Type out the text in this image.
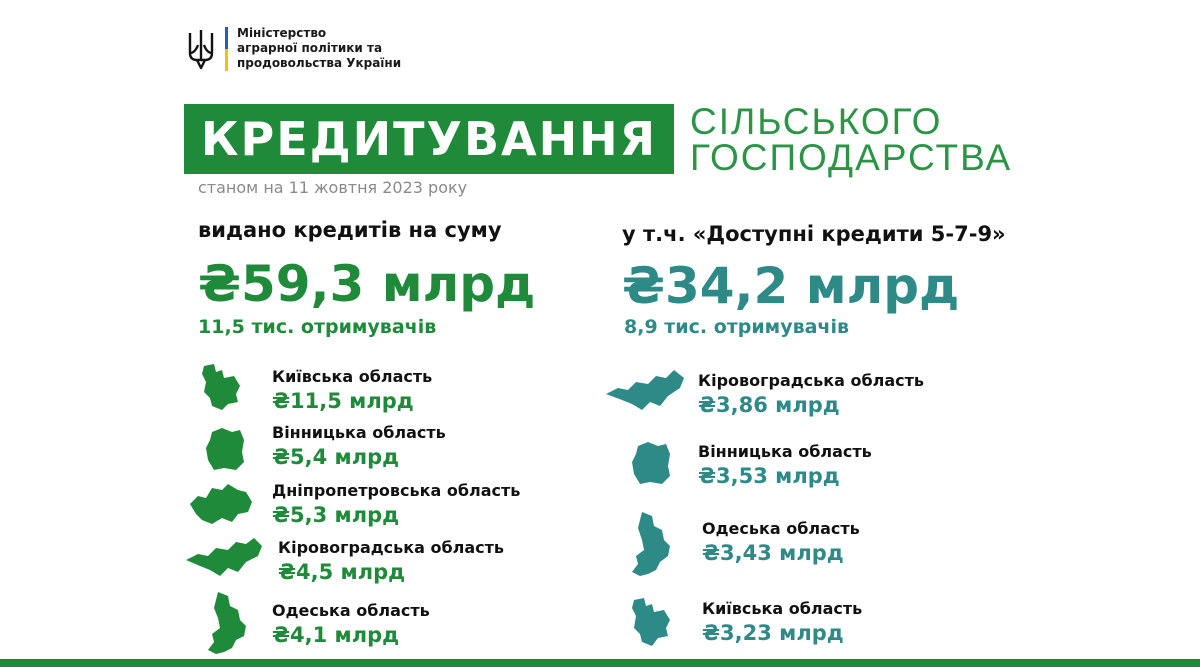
Міністерство
аграрної політики та
продовольства України
КРЕДИТУВАННЯ СІЛЬСЬКОГО
ГОСПОДАРСТВА
станом на 11 жовтня 2023 року
видано кредитів на суму
₴59,3 млрд
11,5 тис. отримувачів
у т.ч. «Доступні кредити 5-7-9»
₴34,2 млрд
8,9 тис. отримувачів
Київська область
₴11,5 млрд
Вінницька область
₴5,4 млрд
Дніпропетровська область
₴5,3 млрд
Кіровоградська область
₴4,5 млрд
Одеська область
₴4,1 млрд
Кіровоградська область
₴3,86 млрд
Вінницька область
₴3,53 млрд
Одеська область
₴3,43 млрд
Київська область
₴3,23 млрд
